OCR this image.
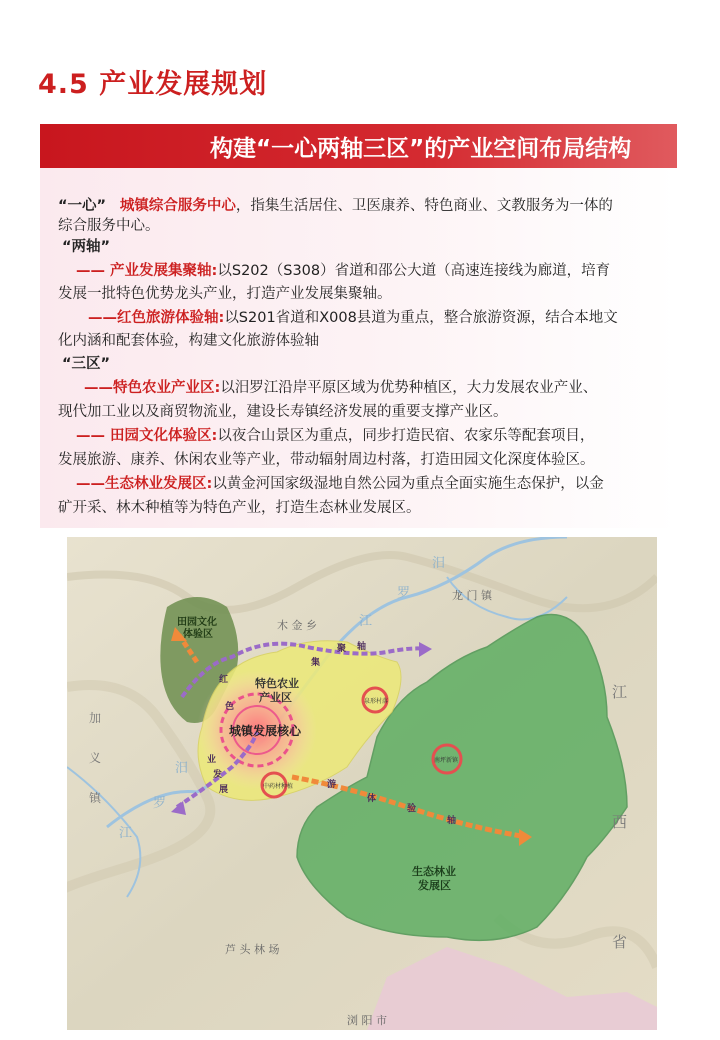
4.5 产业发展规划
构建“一心两轴三区”的产业空间布局结构
“一心” 城镇综合服务中心，指集生活居住、卫医康养、特色商业、文教服务为一体的
综合服务中心。
“两轴”
—— 产业发展集聚轴:以S202（S308）省道和邵公大道（高速连接线为廊道，培育
发展一批特色优势龙头产业，打造产业发展集聚轴。
——红色旅游体验轴:以S201省道和X008县道为重点，整合旅游资源，结合本地文
化内涵和配套体验，构建文化旅游体验轴
“三区”
——特色农业产业区:以汨罗江沿岸平原区域为优势种植区，大力发展农业产业、
现代加工业以及商贸物流业，建设长寿镇经济发展的重要支撑产业区。
—— 田园文化体验区:以夜合山景区为重点，同步打造民宿、农家乐等配套项目，
发展旅游、康养、休闲农业等产业，带动辐射周边村落，打造田园文化深度体验区。
——生态林业发展区:以黄金河国家级湿地自然公园为重点全面实施生态保护，以金
矿开采、林木种植等为特色产业，打造生态林业发展区。
田园文化
体验区
特色农业
产业区
城镇发展核心
生态林业
发展区
泉形村落
南坪新镇
中药材种植
红
色
集
聚 轴
业
发
展	游
体
验
轴
木 金 乡
龙 门 镇
江
西
省
加
义
镇
芦 头 林 场
浏 阳 市
汨
罗
江
汨
罗
江
